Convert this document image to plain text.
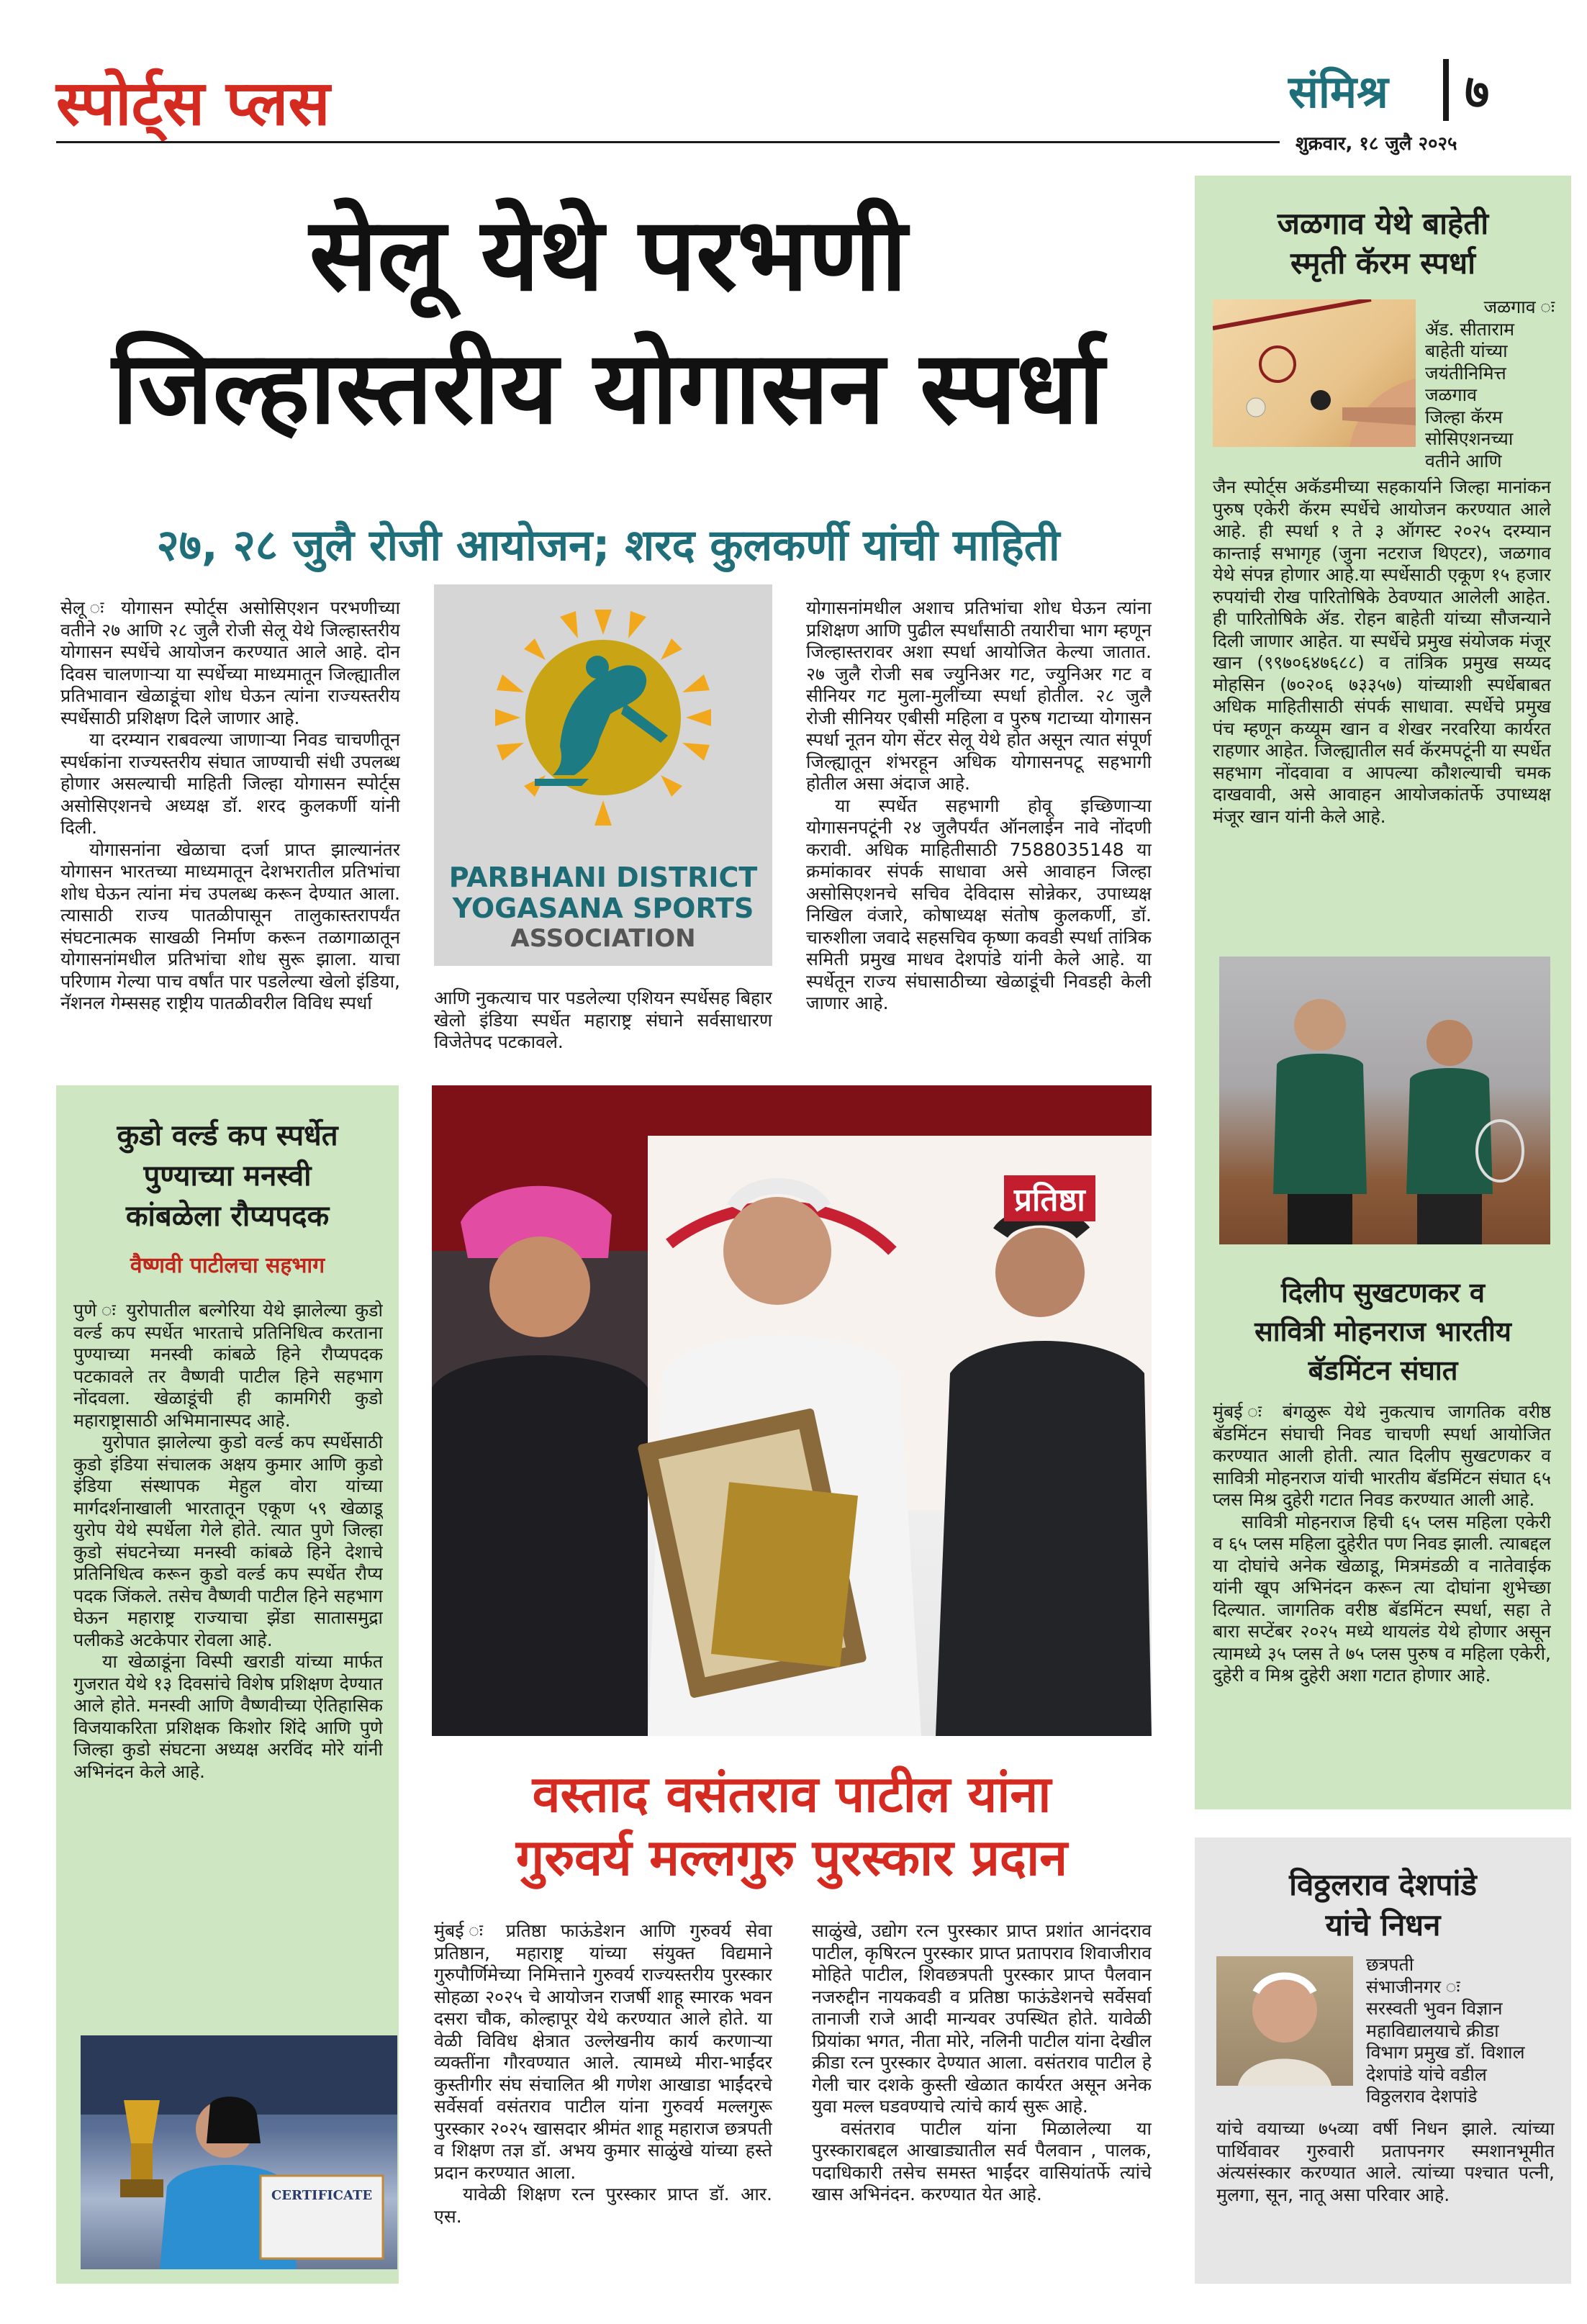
स्पोर्ट्स प्लस	संमिश्र ७
शुक्रवार, १८ जुलै २०२५
सेलू येथे परभणी
जिल्हास्तरीय योगासन स्पर्धा
२७, २८ जुलै रोजी आयोजन; शरद कुलकर्णी यांची माहिती

सेलू ः योगासन स्पोर्ट्स असोसिएशन परभणीच्या वतीने २७ आणि २८ जुलै रोजी सेलू येथे जिल्हास्तरीय योगासन स्पर्धेचे आयोजन करण्यात आले आहे. दोन दिवस चालणाऱ्या या स्पर्धेच्या माध्यमातून जिल्ह्यातील प्रतिभावान खेळाडूंचा शोध घेऊन त्यांना राज्यस्तरीय स्पर्धेसाठी प्रशिक्षण दिले जाणार आहे.

या दरम्यान राबवल्या जाणाऱ्या निवड चाचणीतून स्पर्धकांना राज्यस्तरीय संघात जाण्याची संधी उपलब्ध होणार असल्याची माहिती जिल्हा योगासन स्पोर्ट्स असोसिएशनचे अध्यक्ष डॉ. शरद कुलकर्णी यांनी दिली.

योगासनांना खेळाचा दर्जा प्राप्त झाल्यानंतर योगासन भारतच्या माध्यमातून देशभरातील प्रतिभांचा शोध घेऊन त्यांना मंच उपलब्ध करून देण्यात आला. त्यासाठी राज्य पातळीपासून तालुकास्तरापर्यंत संघटनात्मक साखळी निर्माण करून तळागाळातून योगासनांमधील प्रतिभांचा शोध सुरू झाला. याचा परिणाम गेल्या पाच वर्षांत पार पडलेल्या खेलो इंडिया, नॅशनल गेम्ससह राष्ट्रीय पातळीवरील विविध स्पर्धा

PARBHANI DISTRICT
YOGASANA SPORTS
ASSOCIATION

आणि नुकत्याच पार पडलेल्या एशियन स्पर्धेसह बिहार खेलो इंडिया स्पर्धेत महाराष्ट्र संघाने सर्वसाधारण विजेतेपद पटकावले.

योगासनांमधील अशाच प्रतिभांचा शोध घेऊन त्यांना प्रशिक्षण आणि पुढील स्पर्धांसाठी तयारीचा भाग म्हणून जिल्हास्तरावर अशा स्पर्धा आयोजित केल्या जातात. २७ जुलै रोजी सब ज्युनिअर गट, ज्युनिअर गट व सीनियर गट मुला-मुलींच्या स्पर्धा होतील. २८ जुलै रोजी सीनियर एबीसी महिला व पुरुष गटाच्या योगासन स्पर्धा नूतन योग सेंटर सेलू येथे होत असून त्यात संपूर्ण जिल्ह्यातून शंभरहून अधिक योगासनपटू सहभागी होतील असा अंदाज आहे.

या स्पर्धेत सहभागी होवू इच्छिणाऱ्या योगासनपटूंनी २४ जुलैपर्यंत ऑनलाईन नावे नोंदणी करावी. अधिक माहितीसाठी 7588035148 या क्रमांकावर संपर्क साधावा असे आवाहन जिल्हा असोसिएशनचे सचिव देविदास सोन्नेकर, उपाध्यक्ष निखिल वंजारे, कोषाध्यक्ष संतोष कुलकर्णी, डॉ. चारुशीला जवादे सहसचिव कृष्णा कवडी स्पर्धा तांत्रिक समिती प्रमुख माधव देशपांडे यांनी केले आहे. या स्पर्धेतून राज्य संघासाठीच्या खेळाडूंची निवडही केली जाणार आहे.

जळगाव येथे बाहेती
स्मृती कॅरम स्पर्धा
जळगाव ः
ॲड. सीताराम
बाहेती यांच्या
जयंतीनिमित्त
जळगाव
जिल्हा कॅरम
सोसिएशनच्या
वतीने आणि

जैन स्पोर्ट्स अकॅडमीच्या सहकार्याने जिल्हा मानांकन पुरुष एकेरी कॅरम स्पर्धेचे आयोजन करण्यात आले आहे. ही स्पर्धा १ ते ३ ऑगस्ट २०२५ दरम्यान कान्ताई सभागृह (जुना नटराज थिएटर), जळगाव येथे संपन्न होणार आहे.या स्पर्धेसाठी एकूण १५ हजार रुपयांची रोख पारितोषिके ठेवण्यात आलेली आहेत. ही पारितोषिके ॲड. रोहन बाहेती यांच्या सौजन्याने दिली जाणार आहेत. या स्पर्धेचे प्रमुख संयोजक मंजूर खान (९९७०६४७६८८) व तांत्रिक प्रमुख सय्यद मोहसिन (७०२०६ ७३३५७) यांच्याशी स्पर्धेबाबत अधिक माहितीसाठी संपर्क साधावा. स्पर्धेचे प्रमुख पंच म्हणून कय्यूम खान व शेखर नरवरिया कार्यरत राहणार आहेत. जिल्ह्यातील सर्व कॅरमपटूंनी या स्पर्धेत सहभाग नोंदवावा व आपल्या कौशल्याची चमक दाखवावी, असे आवाहन आयोजकांतर्फे उपाध्यक्ष मंजूर खान यांनी केले आहे.

दिलीप सुखटणकर व
सावित्री मोहनराज भारतीय
बॅडमिंटन संघात

मुंबई ः बंगळुरू येथे नुकत्याच जागतिक वरीष्ठ बॅडमिंटन संघाची निवड चाचणी स्पर्धा आयोजित करण्यात आली होती. त्यात दिलीप सुखटणकर व सावित्री मोहनराज यांची भारतीय बॅडमिंटन संघात ६५ प्लस मिश्र दुहेरी गटात निवड करण्यात आली आहे.

सावित्री मोहनराज हिची ६५ प्लस महिला एकेरी व ६५ प्लस महिला दुहेरीत पण निवड झाली. त्याबद्दल या दोघांचे अनेक खेळाडू, मित्रमंडळी व नातेवाईक यांनी खूप अभिनंदन करून त्या दोघांना शुभेच्छा दिल्यात. जागतिक वरीष्ठ बॅडमिंटन स्पर्धा, सहा ते बारा सप्टेंबर २०२५ मध्ये थायलंड येथे होणार असून त्यामध्ये ३५ प्लस ते ७५ प्लस पुरुष व महिला एकेरी, दुहेरी व मिश्र दुहेरी अशा गटात होणार आहे.

कुडो वर्ल्ड कप स्पर्धेत
पुण्याच्या मनस्वी
कांबळेला रौप्यपदक
वैष्णवी पाटीलचा सहभाग

पुणे ः युरोपातील बल्गेरिया येथे झालेल्या कुडो वर्ल्ड कप स्पर्धेत भारताचे प्रतिनिधित्व करताना पुण्याच्या मनस्वी कांबळे हिने रौप्यपदक पटकावले तर वैष्णवी पाटील हिने सहभाग नोंदवला. खेळाडूंची ही कामगिरी कुडो महाराष्ट्रासाठी अभिमानास्पद आहे.

युरोपात झालेल्या कुडो वर्ल्ड कप स्पर्धेसाठी कुडो इंडिया संचालक अक्षय कुमार आणि कुडो इंडिया संस्थापक मेहुल वोरा यांच्या मार्गदर्शनाखाली भारतातून एकूण ५९ खेळाडू युरोप येथे स्पर्धेला गेले होते. त्यात पुणे जिल्हा कुडो संघटनेच्या मनस्वी कांबळे हिने देशाचे प्रतिनिधित्व करून कुडो वर्ल्ड कप स्पर्धेत रौप्य पदक जिंकले. तसेच वैष्णवी पाटील हिने सहभाग घेऊन महाराष्ट्र राज्याचा झेंडा सातासमुद्रा पलीकडे अटकेपार रोवला आहे.

या खेळाडूंना विस्पी खराडी यांच्या मार्फत गुजरात येथे १३ दिवसांचे विशेष प्रशिक्षण देण्यात आले होते. मनस्वी आणि वैष्णवीच्या ऐतिहासिक विजयाकरिता प्रशिक्षक किशोर शिंदे आणि पुणे जिल्हा कुडो संघटना अध्यक्ष अरविंद मोरे यांनी अभिनंदन केले आहे.

CERTIFICATE
प्रतिष्ठा
वस्ताद वसंतराव पाटील यांना
गुरुवर्य मल्लगुरु पुरस्कार प्रदान

मुंबई ः प्रतिष्ठा फाऊंडेशन आणि गुरुवर्य सेवा प्रतिष्ठान, महाराष्ट्र यांच्या संयुक्त विद्यमाने गुरुपौर्णिमेच्या निमित्ताने गुरुवर्य राज्यस्तरीय पुरस्कार सोहळा २०२५ चे आयोजन राजर्षी शाहू स्मारक भवन दसरा चौक, कोल्हापूर येथे करण्यात आले होते. या वेळी विविध क्षेत्रात उल्लेखनीय कार्य करणाऱ्या व्यक्तींना गौरवण्यात आले. त्यामध्ये मीरा-भाईंदर कुस्तीगीर संघ संचालित श्री गणेश आखाडा भाईंदरचे सर्वेसर्वा वसंतराव पाटील यांना गुरुवर्य मल्लगुरू पुरस्कार २०२५ खासदार श्रीमंत शाहू महाराज छत्रपती व शिक्षण तज्ञ डॉ. अभय कुमार साळुंखे यांच्या हस्ते प्रदान करण्यात आला.

यावेळी शिक्षण रत्न पुरस्कार प्राप्त डॉ. आर. एस.

साळुंखे, उद्योग रत्न पुरस्कार प्राप्त प्रशांत आनंदराव पाटील, कृषिरत्न पुरस्कार प्राप्त प्रतापराव शिवाजीराव मोहिते पाटील, शिवछत्रपती पुरस्कार प्राप्त पैलवान नजरुद्दीन नायकवडी व प्रतिष्ठा फाऊंडेशनचे सर्वेसर्वा तानाजी राजे आदी मान्यवर उपस्थित होते. यावेळी प्रियांका भगत, नीता मोरे, नलिनी पाटील यांना देखील क्रीडा रत्न पुरस्कार देण्यात आला. वसंतराव पाटील हे गेली चार दशके कुस्ती खेळात कार्यरत असून अनेक युवा मल्ल घडवण्याचे त्यांचे कार्य सुरू आहे.

वसंतराव पाटील यांना मिळालेल्या या पुरस्काराबद्दल आखाड्यातील सर्व पैलवान , पालक, पदाधिकारी तसेच समस्त भाईंदर वासियांतर्फे त्यांचे खास अभिनंदन. करण्यात येत आहे.

विठ्ठलराव देशपांडे
यांचे निधन
छत्रपती
संभाजीनगर ः
सरस्वती भुवन विज्ञान
महाविद्यालयाचे क्रीडा
विभाग प्रमुख डॉ. विशाल
देशपांडे यांचे वडील
विठ्ठलराव देशपांडे

यांचे वयाच्या ७५व्या वर्षी निधन झाले. त्यांच्या पार्थिवावर गुरुवारी प्रतापनगर स्मशानभूमीत अंत्यसंस्कार करण्यात आले. त्यांच्या पश्चात पत्नी, मुलगा, सून, नातू असा परिवार आहे.
